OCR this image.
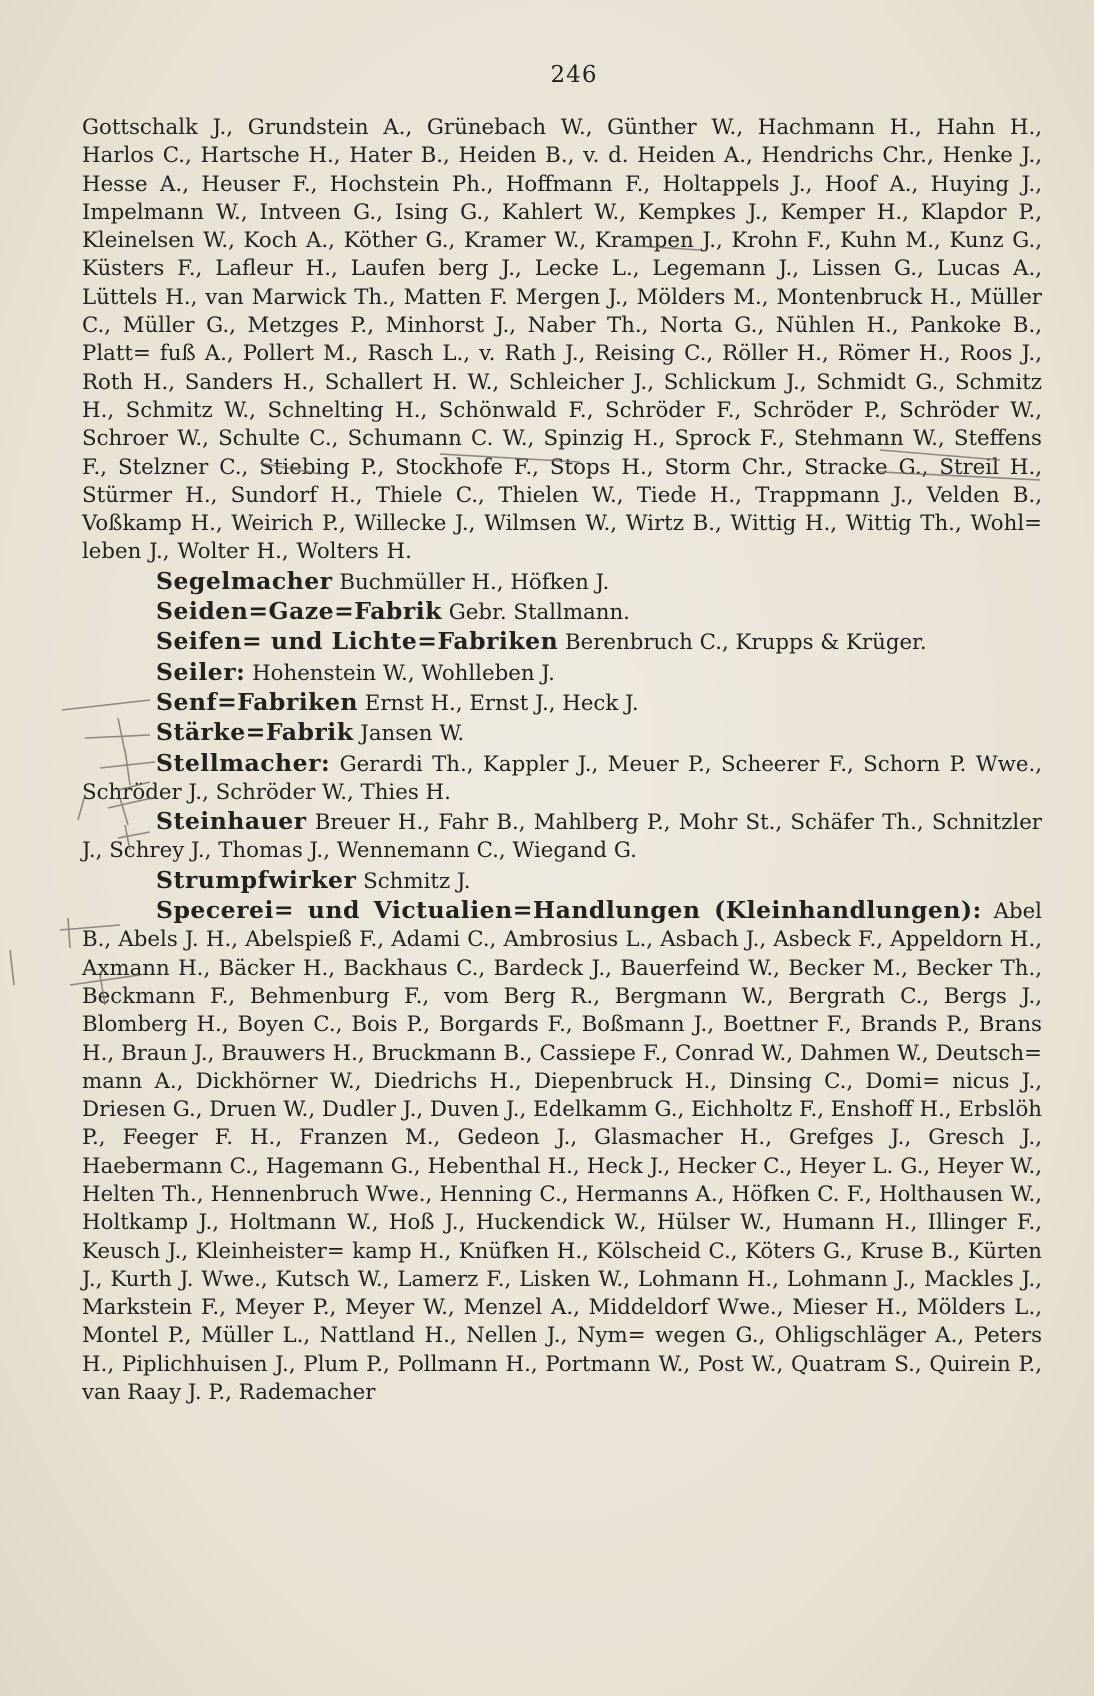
246

Gottschalk J., Grundstein A., Grünebach W., Günther W., Hachmann H., Hahn H., Harlos C., Hartsche H., Hater B., Heiden B., v. d. Heiden A., Hendrichs Chr., Henke J., Hesse A., Heuser F., Hochstein Ph., Hoffmann F., Holtappels J., Hoof A., Huying J., Impelmann W., Intveen G., Ising G., Kahlert W., Kempkes J., Kemper H., Klapdor P., Kleinelsen W., Koch A., Köther G., Kramer W., Krampen J., Krohn F., Kuhn M., Kunz G., Küsters F., Lafleur H., Laufen berg J., Lecke L., Legemann J., Lissen G., Lucas A., Lüttels H., van Marwick Th., Matten F. Mergen J., Mölders M., Montenbruck H., Müller C., Müller G., Metzges P., Minhorst J., Naber Th., Norta G., Nühlen H., Pankoke B., Platt= fuß A., Pollert M., Rasch L., v. Rath J., Reising C., Röller H., Römer H., Roos J., Roth H., Sanders H., Schallert H. W., Schleicher J., Schlickum J., Schmidt G., Schmitz H., Schmitz W., Schnelting H., Schönwald F., Schröder F., Schröder P., Schröder W., Schroer W., Schulte C., Schumann C. W., Spinzig H., Sprock F., Stehmann W., Steffens F., Stelzner C., Stiebing P., Stockhofe F., Stops H., Storm Chr., Stracke G., Streil H., Stürmer H., Sundorf H., Thiele C., Thielen W., Tiede H., Trappmann J., Velden B., Voßkamp H., Weirich P., Willecke J., Wilmsen W., Wirtz B., Wittig H., Wittig Th., Wohl= leben J., Wolter H., Wolters H.

Segelmacher Buchmüller H., Höfken J.

Seiden=Gaze=Fabrik Gebr. Stallmann.

Seifen= und Lichte=Fabriken Berenbruch C., Krupps & Krüger.

Seiler: Hohenstein W., Wohlleben J.

Senf=Fabriken Ernst H., Ernst J., Heck J.

Stärke=Fabrik Jansen W.

Stellmacher: Gerardi Th., Kappler J., Meuer P., Scheerer F., Schorn P. Wwe., Schröder J., Schröder W., Thies H.

Steinhauer Breuer H., Fahr B., Mahlberg P., Mohr St., Schäfer Th., Schnitzler J., Schrey J., Thomas J., Wennemann C., Wiegand G.

Strumpfwirker Schmitz J.

Specerei= und Victualien=Handlungen (Kleinhandlungen): Abel B., Abels J. H., Abelspieß F., Adami C., Ambrosius L., Asbach J., Asbeck F., Appeldorn H., Axmann H., Bäcker H., Backhaus C., Bardeck J., Bauerfeind W., Becker M., Becker Th., Beckmann F., Behmenburg F., vom Berg R., Bergmann W., Bergrath C., Bergs J., Blomberg H., Boyen C., Bois P., Borgards F., Boßmann J., Boettner F., Brands P., Brans H., Braun J., Brauwers H., Bruckmann B., Cassiepe F., Conrad W., Dahmen W., Deutsch= mann A., Dickhörner W., Diedrichs H., Diepenbruck H., Dinsing C., Domi= nicus J., Driesen G., Druen W., Dudler J., Duven J., Edelkamm G., Eichholtz F., Enshoff H., Erbslöh P., Feeger F. H., Franzen M., Gedeon J., Glasmacher H., Grefges J., Gresch J., Haebermann C., Hagemann G., Hebenthal H., Heck J., Hecker C., Heyer L. G., Heyer W., Helten Th., Hennenbruch Wwe., Henning C., Hermanns A., Höfken C. F., Holthausen W., Holtkamp J., Holtmann W., Hoß J., Huckendick W., Hülser W., Humann H., Illinger F., Keusch J., Kleinheister= kamp H., Knüfken H., Kölscheid C., Köters G., Kruse B., Kürten J., Kurth J. Wwe., Kutsch W., Lamerz F., Lisken W., Lohmann H., Lohmann J., Mackles J., Markstein F., Meyer P., Meyer W., Menzel A., Middeldorf Wwe., Mieser H., Mölders L., Montel P., Müller L., Nattland H., Nellen J., Nym= wegen G., Ohligschläger A., Peters H., Piplichhuisen J., Plum P., Pollmann H., Portmann W., Post W., Quatram S., Quirein P., van Raay J. P., Rademacher
